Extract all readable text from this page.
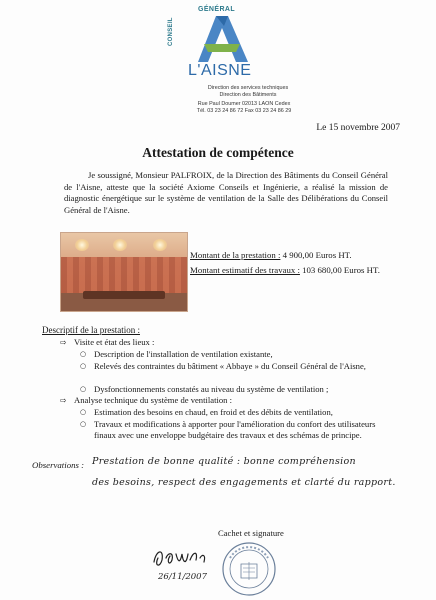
GÉNÉRAL
CONSEIL
L'AISNE
Direction des services techniques
Direction des Bâtiments
Rue Paul Doumer 02013 LAON Cedex
Tél. 03 23 24 86 72 Fax 03 23 24 86 29
Le 15 novembre 2007
Attestation de compétence
Je soussigné, Monsieur PALFROIX, de la Direction des Bâtiments du Conseil Général de l'Aisne, atteste que la société Axiome Conseils et Ingénierie, a réalisé la mission de diagnostic énergétique sur le système de ventilation de la Salle des Délibérations du Conseil Général de l'Aisne.
Montant de la prestation : 4 900,00 Euros HT.
Montant estimatif des travaux : 103 680,00 Euros HT.
Descriptif de la prestation :
⇨ Visite et état des lieux :
○ Description de l'installation de ventilation existante,
○ Relevés des contraintes du bâtiment « Abbaye » du Conseil Général de l'Aisne,
○ Dysfonctionnements constatés au niveau du système de ventilation ;
⇨ Analyse technique du système de ventilation :
○ Estimation des besoins en chaud, en froid et des débits de ventilation,
○ Travaux et modifications à apporter pour l'amélioration du confort des utilisateurs finaux avec une enveloppe budgétaire des travaux et des schémas de principe.
Observations : Prestation de bonne qualité : bonne compréhension
des besoins, respect des engagements et clarté du rapport.
Cachet et signature
26/11/2007
